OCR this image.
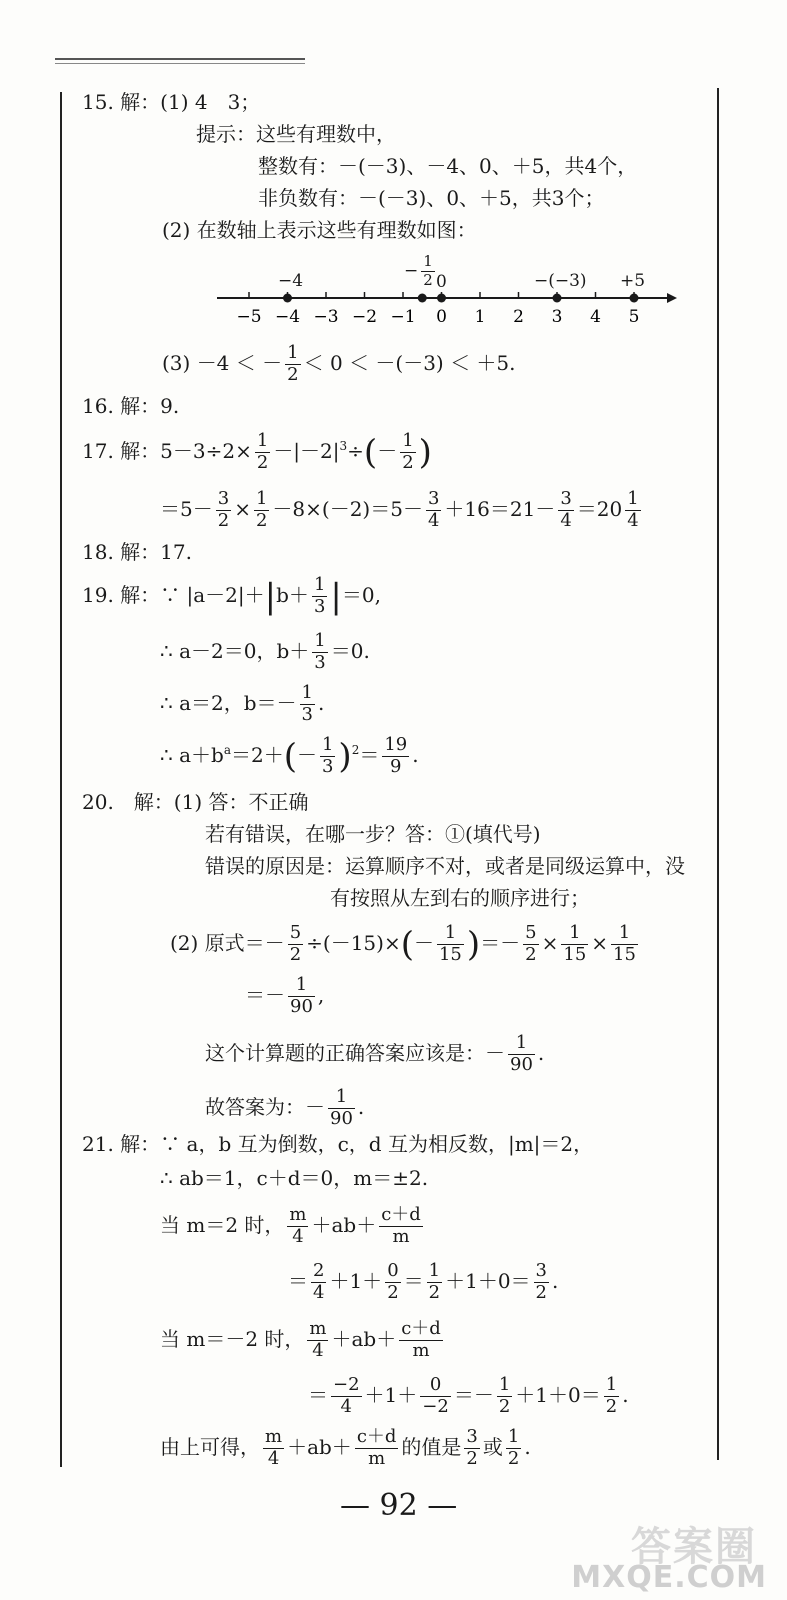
15. 解：(1) 4　3；
提示：这些有理数中，
整数有：－(－3)、－4、0、＋5，共4个，
非负数有：－(－3)、0、＋5，共3个；
(2) 在数轴上表示这些有理数如图：
−5 −4 −3 −2 −1 0 1 2 3 4 5
−4
− $\frac{1}{2} 0$	−(−3) +5
(3) －4 ＜ － $\frac{1}{2} < 0 < -(-3) < +5$.
16. 解：9.
17. 解：$5-3\div 2\times \frac{1}{2} -|-2|^3\div(- \frac{1}{2}$ )
$=5- \frac{3}{2} \times \frac{1}{2} -8\times(-2)=5- \frac{3}{4} +16=21- \frac{3}{4} =20 \frac{1}{4}$
18. 解：17.
19. 解：∵ $|a-2|+|b+ \frac{1}{3} |=0$,
∴ a－2＝0，$b+ \frac{1}{3} =0$.
∴ a＝2，$b=- \frac{1}{3}$ .
∴ $a+b^a=2+(- \frac{1}{3} )^2= \frac{19}{9}$ .
20.　解：(1) 答：不正确
若有错误，在哪一步？答：①(填代号)
错误的原因是：运算顺序不对，或者是同级运算中，没
有按照从左到右的顺序进行；
(2) 原式＝－ $\frac{5}{2} \div(-15)\times(- \frac{1}{15}$ )＝－ $\frac{5}{2} \times \frac{1}{15} \times \frac{1}{15}$
＝－ $\frac{1}{90}$ ,
这个计算题的正确答案应该是：－ $\frac{1}{90}$ .
故答案为：－ $\frac{1}{90}$ .
21. 解：∵ a，b 互为倒数，c，d 互为相反数，|m|＝2，
∴ ab＝1，c＋d＝0，m＝±2.
当 m＝2 时， $\frac{m}{4} +ab+ \frac{c+d}{m}$
＝ $\frac{2}{4} +1+ \frac{0}{2} = \frac{1}{2} +1+0= \frac{3}{2}$ .
当 m＝－2 时， $\frac{m}{4} +ab+ \frac{c+d}{m}$
＝ $\frac{-2}{4} +1+ \frac{0}{-2} =- \frac{1}{2} +1+0= \frac{1}{2}$ .
由上可得， $\frac{m}{4} +ab+ \frac{c+d}{m}$ 的值是 $\frac{3}{2}$ 或 $\frac{1}{2}$ .
— 92 —
答案圈
MXQE.COM
